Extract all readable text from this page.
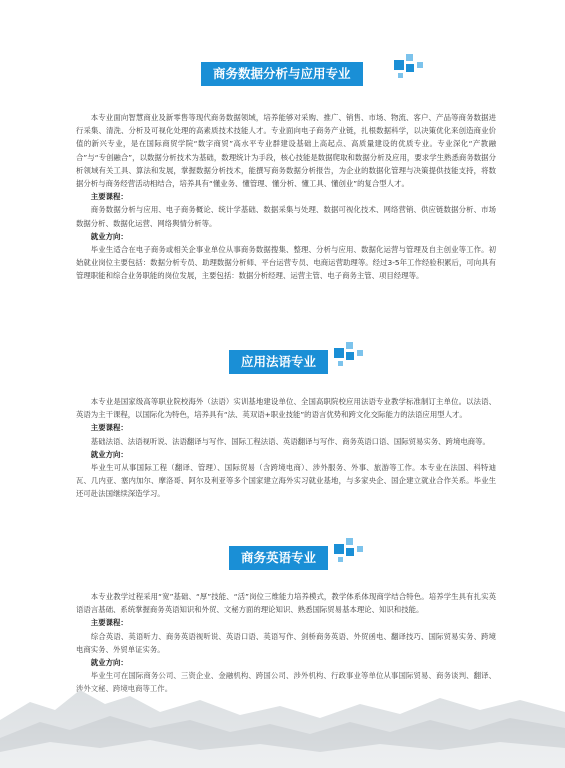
商务数据分析与应用专业

本专业面向智慧商业及新零售等现代商务数据领域，培养能够对采购、推广、销售、市场、物流、客户、产品等商务数据进行采集、清洗、分析及可视化处理的高素质技术技能人才。专业面向电子商务产业链，扎根数据科学，以决策优化来创造商业价值的新兴专业，是在国际商贸学院“数字商贸”高水平专业群建设基础上高起点、高质量建设的优质专业。专业深化“产教融合”与“专创融合”，以数据分析技术为基础，数理统计为手段，核心技能是数据爬取和数据分析及应用，要求学生熟悉商务数据分析领域有关工具、算法和发展，掌握数据分析技术，能撰写商务数据分析报告，为企业的数据化管理与决策提供技能支持，将数据分析与商务经营活动相结合，培养具有“懂业务、懂管理、懂分析、懂工具、懂创业”的复合型人才。

主要课程：

商务数据分析与应用、电子商务概论、统计学基础、数据采集与处理、数据可视化技术、网络营销、供应链数据分析、市场数据分析、数据化运营、网络舆情分析等。

就业方向：

毕业生适合在电子商务或相关企事业单位从事商务数据搜集、整理、分析与应用、数据化运营与管理及自主创业等工作。初始就业岗位主要包括：数据分析专员、助理数据分析师、平台运营专员、电商运营助理等。经过3-5年工作经验积累后，可向具有管理职能和综合业务职能的岗位发展，主要包括：数据分析经理、运营主管、电子商务主管、项目经理等。

应用法语专业

本专业是国家级高等职业院校海外（法语）实训基地建设单位、全国高职院校应用法语专业教学标准制订主单位。以法语、英语为主干课程，以国际化为特色，培养具有“法、英双语+职业技能”的语言优势和跨文化交际能力的法语应用型人才。

主要课程：

基础法语、法语视听说、法语翻译与写作、国际工程法语、英语翻译与写作、商务英语口语、国际贸易实务、跨境电商等。

就业方向：

毕业生可从事国际工程（翻译、管理）、国际贸易（含跨境电商）、涉外服务、外事、旅游等工作。本专业在法国、科特迪瓦、几内亚、塞内加尔、摩洛哥、阿尔及利亚等多个国家建立海外实习就业基地，与多家央企、国企建立就业合作关系。毕业生还可赴法国继续深造学习。

商务英语专业

本专业教学过程采用“宽”基础、“厚”技能、“活”岗位三维能力培养模式，教学体系体现商学结合特色。培养学生具有扎实英语语言基础、系统掌握商务英语知识和外贸、文秘方面的理论知识、熟悉国际贸易基本理论、知识和技能。

主要课程：

综合英语、英语听力、商务英语视听说、英语口语、英语写作、剑桥商务英语、外贸函电、翻译技巧、国际贸易实务、跨境电商实务、外贸单证实务。

就业方向：

毕业生可在国际商务公司、三资企业、金融机构、跨国公司、涉外机构、行政事业等单位从事国际贸易、商务谈判、翻译、涉外文秘、跨境电商等工作。
